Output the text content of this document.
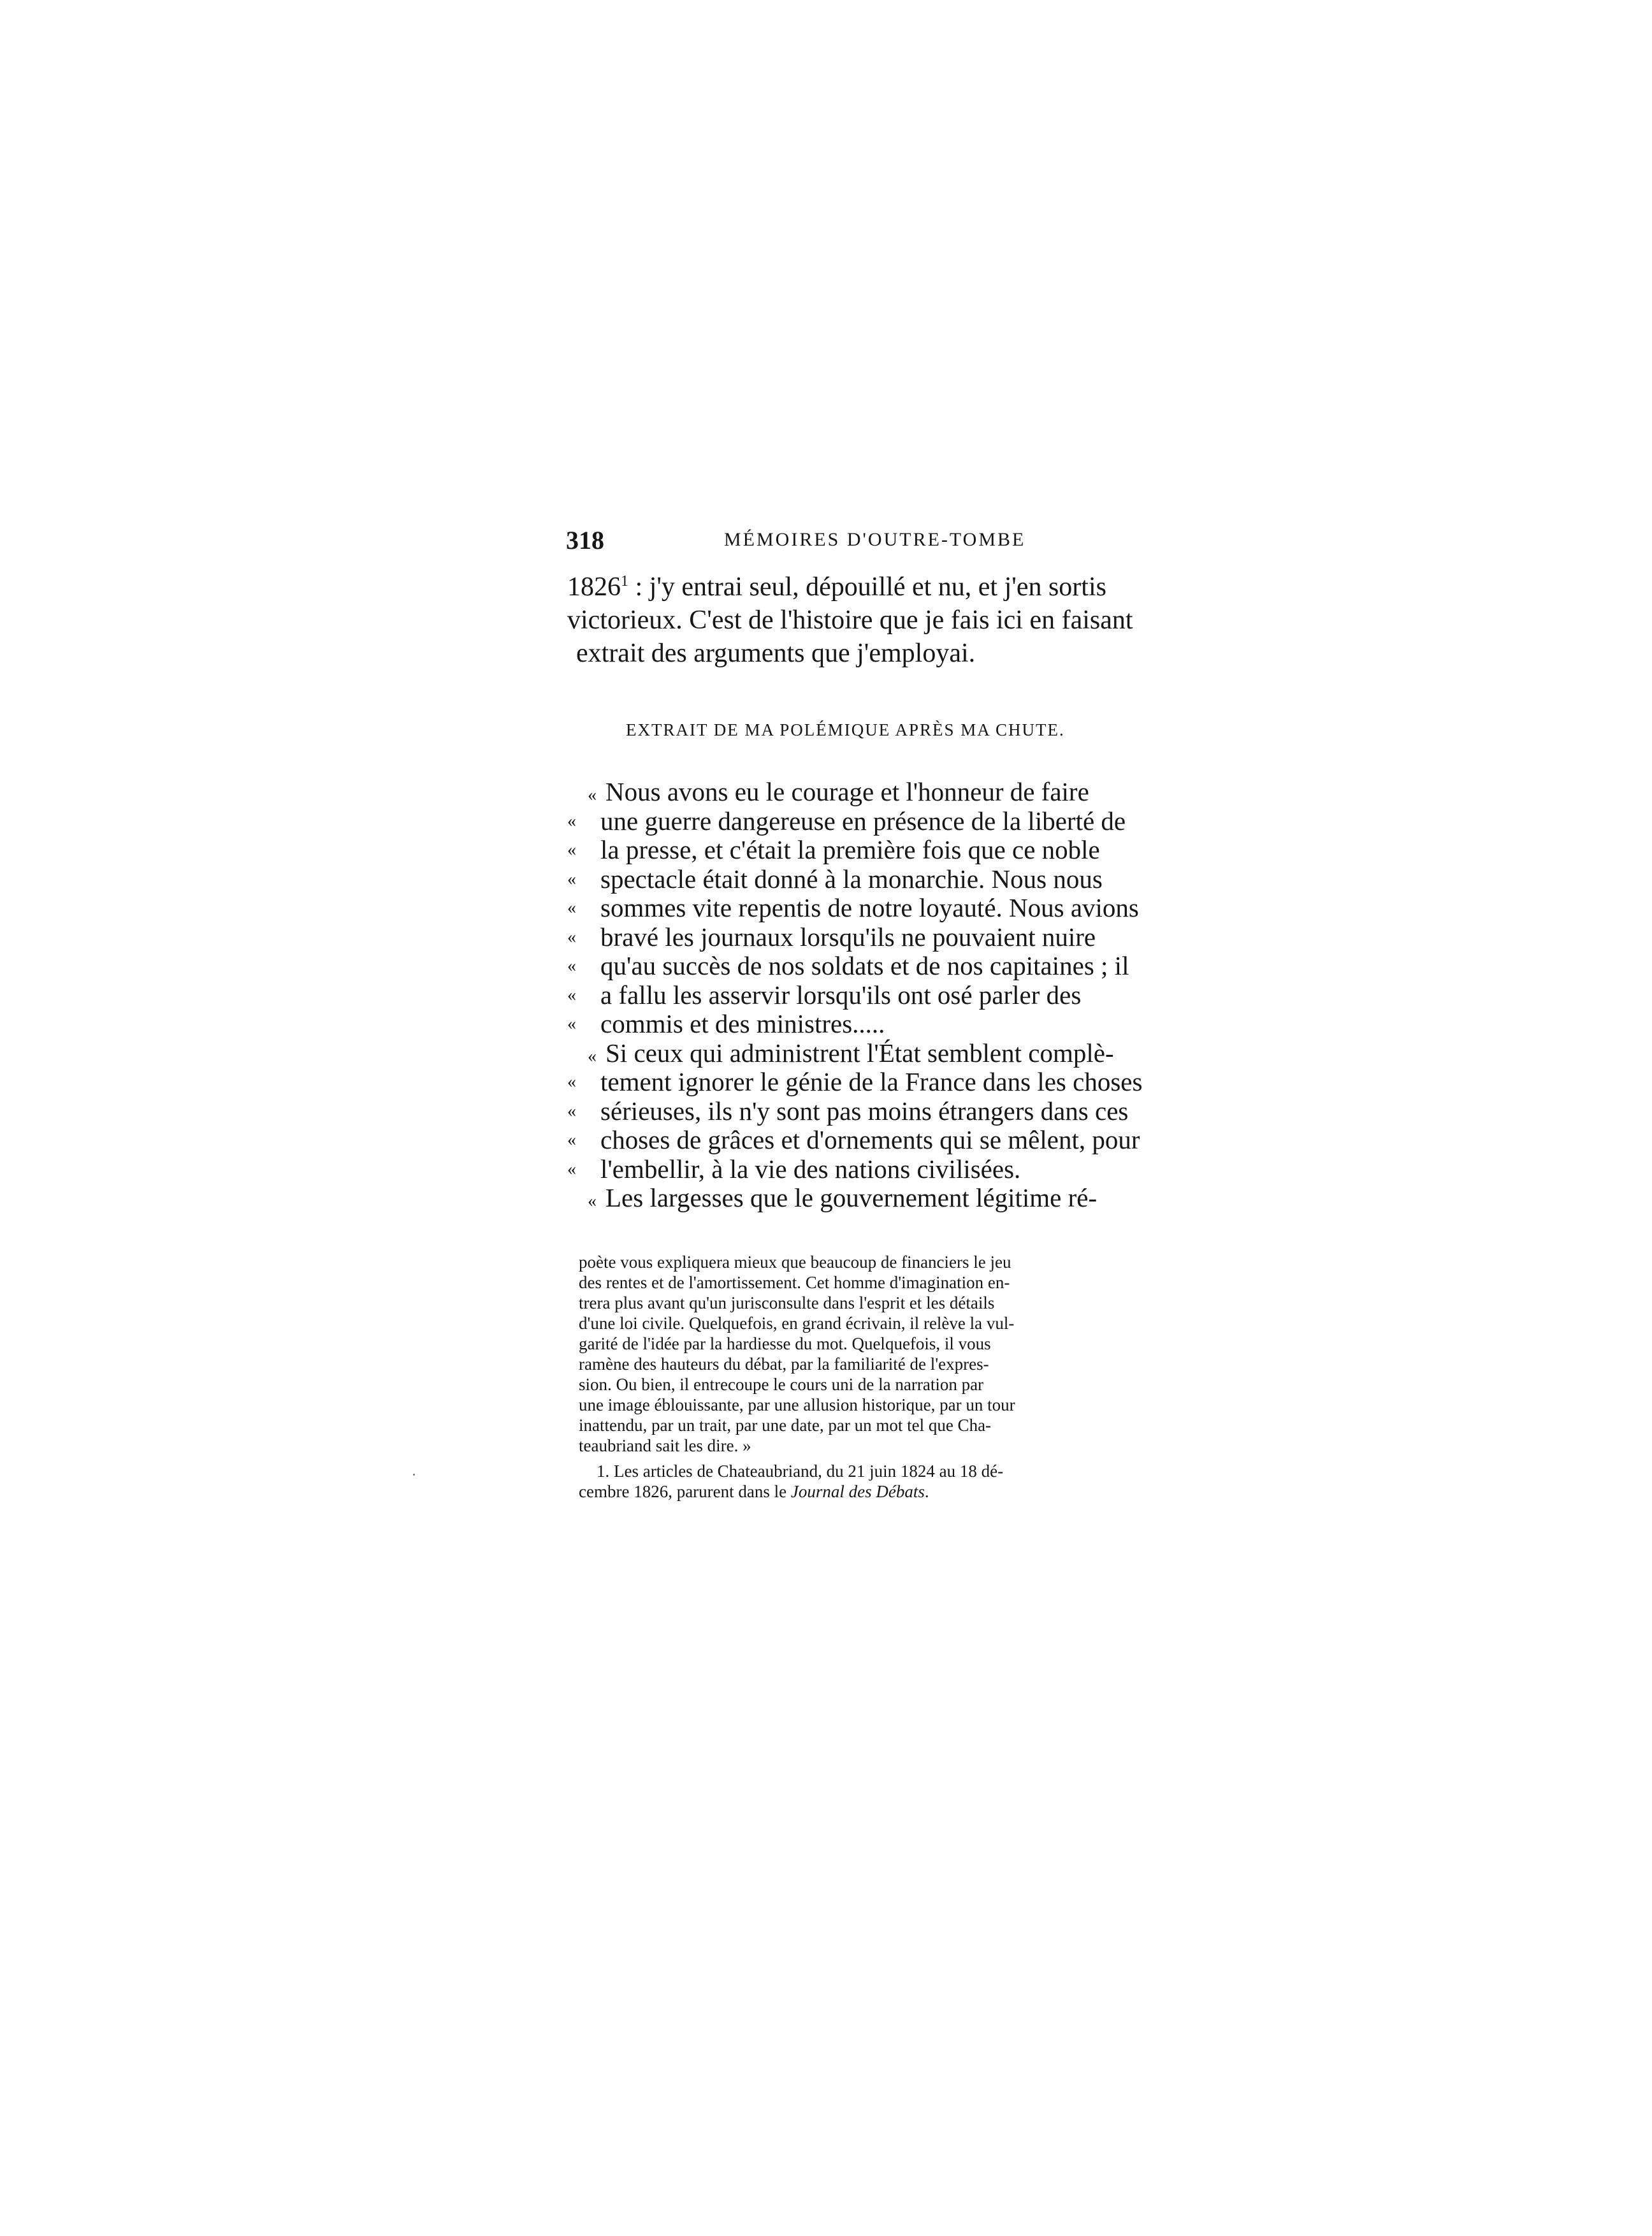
318	MÉMOIRES D'OUTRE-TOMBE
1826$^1$ : j'y entrai seul, dépouillé et nu, et j'en sortis
victorieux. C'est de l'histoire que je fais ici en faisant
extrait des arguments que j'employai.
EXTRAIT DE MA POLÉMIQUE APRÈS MA CHUTE.
« Nous avons eu le courage et l'honneur de faire
« une guerre dangereuse en présence de la liberté de
« la presse, et c'était la première fois que ce noble
« spectacle était donné à la monarchie. Nous nous
« sommes vite repentis de notre loyauté. Nous avions
« bravé les journaux lorsqu'ils ne pouvaient nuire
« qu'au succès de nos soldats et de nos capitaines ; il
« a fallu les asservir lorsqu'ils ont osé parler des
« commis et des ministres.....
« Si ceux qui administrent l'État semblent complè-
« tement ignorer le génie de la France dans les choses
« sérieuses, ils n'y sont pas moins étrangers dans ces
« choses de grâces et d'ornements qui se mêlent, pour
« l'embellir, à la vie des nations civilisées.
« Les largesses que le gouvernement légitime ré-
poète vous expliquera mieux que beaucoup de financiers le jeu
des rentes et de l'amortissement. Cet homme d'imagination en-
trera plus avant qu'un jurisconsulte dans l'esprit et les détails
d'une loi civile. Quelquefois, en grand écrivain, il relève la vul-
garité de l'idée par la hardiesse du mot. Quelquefois, il vous
ramène des hauteurs du débat, par la familiarité de l'expres-
sion. Ou bien, il entrecoupe le cours uni de la narration par
une image éblouissante, par une allusion historique, par un tour
inattendu, par un trait, par une date, par un mot tel que Cha-
teaubriand sait les dire. »
1. Les articles de Chateaubriand, du 21 juin 1824 au 18 dé-
cembre 1826, parurent dans le Journal des Débats.
